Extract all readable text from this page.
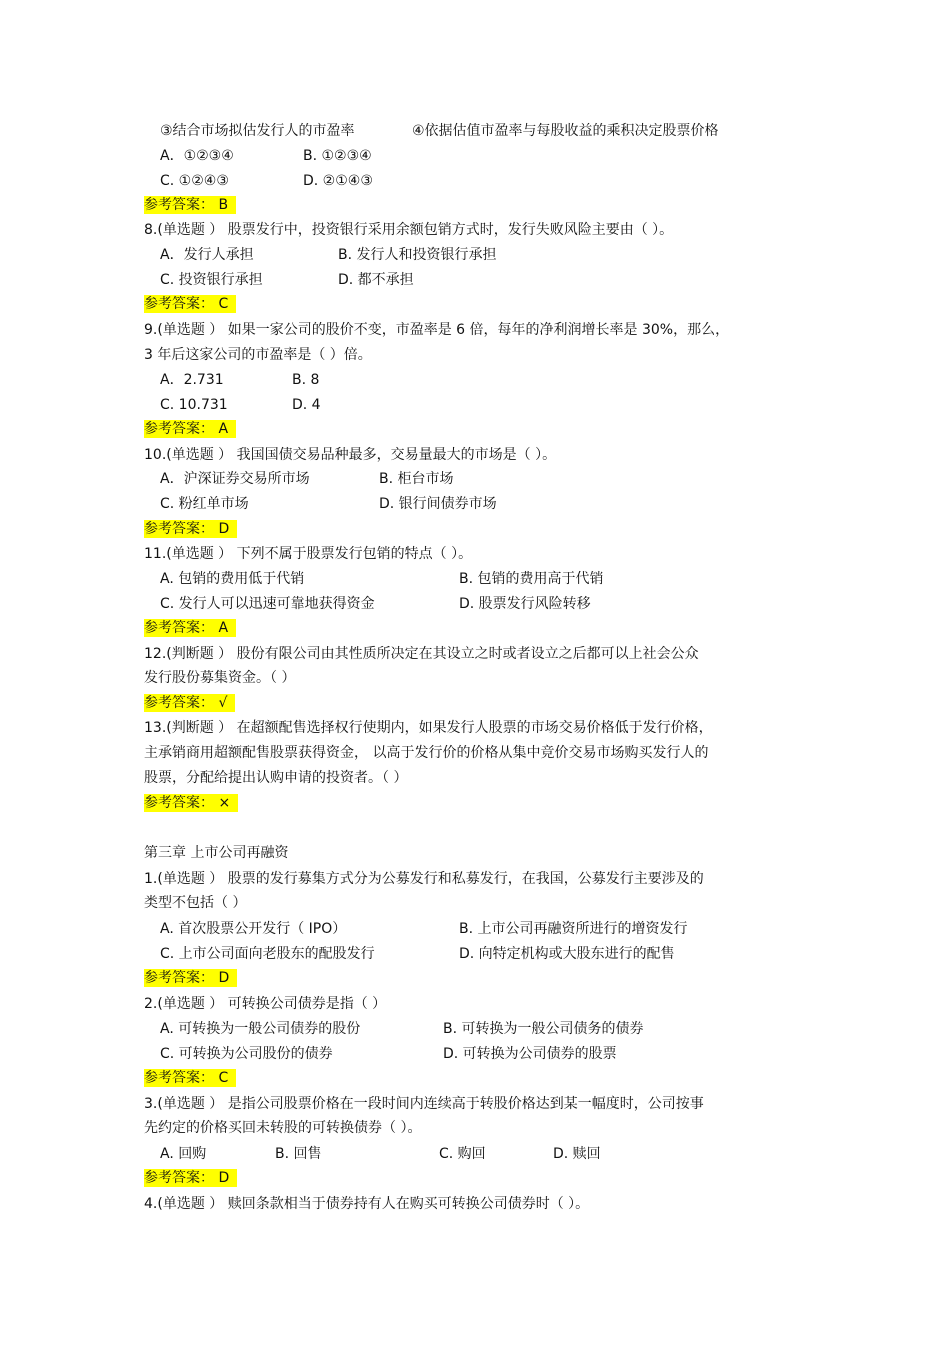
③结合市场拟估发行人的市盈率	④依据估值市盈率与每股收益的乘积决定股票价格
A．①②③④	B. ①②③④
C. ①②④③	D. ②①④③
参考答案： B
8.(单选题 ） 股票发行中，投资银行采用余额包销方式时，发行失败风险主要由（ ）。
A．发行人承担	B. 发行人和投资银行承担
C. 投资银行承担	D. 都不承担
参考答案： C
9.(单选题 ） 如果一家公司的股价不变，市盈率是 6 倍，每年的净利润增长率是 30%，那么，
3 年后这家公司的市盈率是（ ）倍。
A．2.731	B. 8
C. 10.731	D. 4
参考答案： A
10.(单选题 ） 我国国债交易品种最多，交易量最大的市场是（ ）。
A．沪深证券交易所市场	B. 柜台市场
C. 粉红单市场	D. 银行间债券市场
参考答案： D
11.(单选题 ） 下列不属于股票发行包销的特点（ ）。
A. 包销的费用低于代销	B. 包销的费用高于代销
C. 发行人可以迅速可靠地获得资金	D. 股票发行风险转移
参考答案： A
12.(判断题 ） 股份有限公司由其性质所决定在其设立之时或者设立之后都可以上社会公众
发行股份募集资金。（ ）
参考答案： √
13.(判断题 ） 在超额配售选择权行使期内，如果发行人股票的市场交易价格低于发行价格，
主承销商用超额配售股票获得资金， 以高于发行价的价格从集中竞价交易市场购买发行人的
股票，分配给提出认购申请的投资者。（ ）
参考答案： ×
第三章 上市公司再融资
1.(单选题 ） 股票的发行募集方式分为公募发行和私募发行，在我国，公募发行主要涉及的
类型不包括（ ）
A. 首次股票公开发行（ IPO）	B. 上市公司再融资所进行的增资发行
C. 上市公司面向老股东的配股发行	D. 向特定机构或大股东进行的配售
参考答案： D
2.(单选题 ） 可转换公司债券是指（ ）
A. 可转换为一般公司债券的股份	B. 可转换为一般公司债务的债券
C. 可转换为公司股份的债券	D. 可转换为公司债券的股票
参考答案： C
3.(单选题 ） 是指公司股票价格在一段时间内连续高于转股价格达到某一幅度时，公司按事
先约定的价格买回未转股的可转换债券（ ）。
A. 回购	B. 回售	C. 购回	D. 赎回
参考答案： D
4.(单选题 ） 赎回条款相当于债券持有人在购买可转换公司债券时（ ）。
